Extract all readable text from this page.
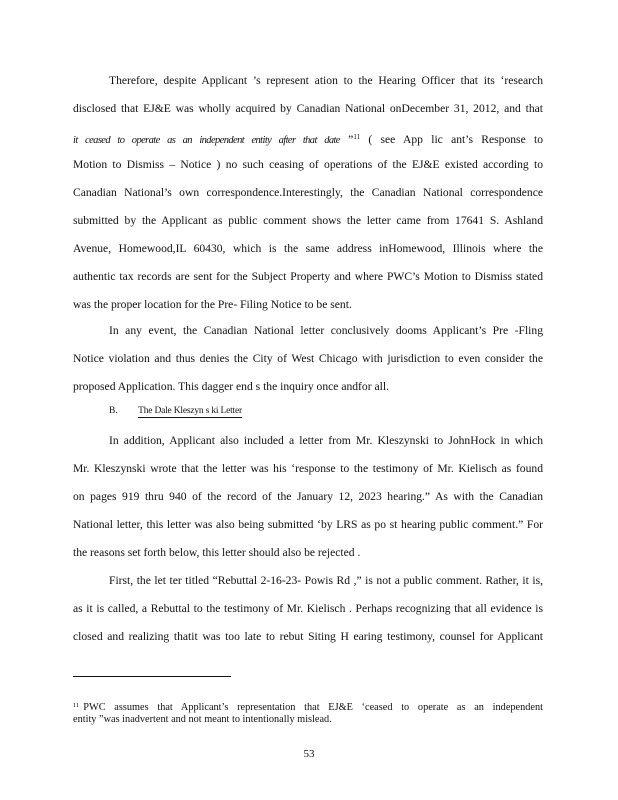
Therefore, despite Applicant ’s represent ation to the Hearing Officer that its ‘research
disclosed that EJ&E was wholly acquired by Canadian National onDecember 31, 2012, and that
it ceased to operate as an independent entity after that date ”$^{11}$ ( see App lic ant’s Response to
Motion to Dismiss – Notice ) no such ceasing of operations of the EJ&E existed according to
Canadian National’s own correspondence.Interestingly, the Canadian National correspondence
submitted by the Applicant as public comment shows the letter came from 17641 S. Ashland
Avenue, Homewood,IL 60430, which is the same address inHomewood, Illinois where the
authentic tax records are sent for the Subject Property and where PWC’s Motion to Dismiss stated
was the proper location for the Pre- Filing Notice to be sent.
In any event, the Canadian National letter conclusively dooms Applicant’s Pre -Fling
Notice violation and thus denies the City of West Chicago with jurisdiction to even consider the
proposed Application. This dagger end s the inquiry once andfor all.
B. The Dale Kleszyn s ki Letter
In addition, Applicant also included a letter from Mr. Kleszynski to JohnHock in which
Mr. Kleszynski wrote that the letter was his ‘response to the testimony of Mr. Kielisch as found
on pages 919 thru 940 of the record of the January 12, 2023 hearing.” As with the Canadian
National letter, this letter was also being submitted ‘by LRS as po st hearing public comment.” For
the reasons set forth below, this letter should also be rejected .
First, the let ter titled “Rebuttal 2-16-23- Powis Rd ,” is not a public comment. Rather, it is,
as it is called, a Rebuttal to the testimony of Mr. Kielisch . Perhaps recognizing that all evidence is
closed and realizing thatit was too late to rebut Siting H earing testimony, counsel for Applicant
$^{11}$ PWC assumes that Applicant’s representation that EJ&E ‘ceased to operate as an independent
entity ”was inadvertent and not meant to intentionally mislead.
53
